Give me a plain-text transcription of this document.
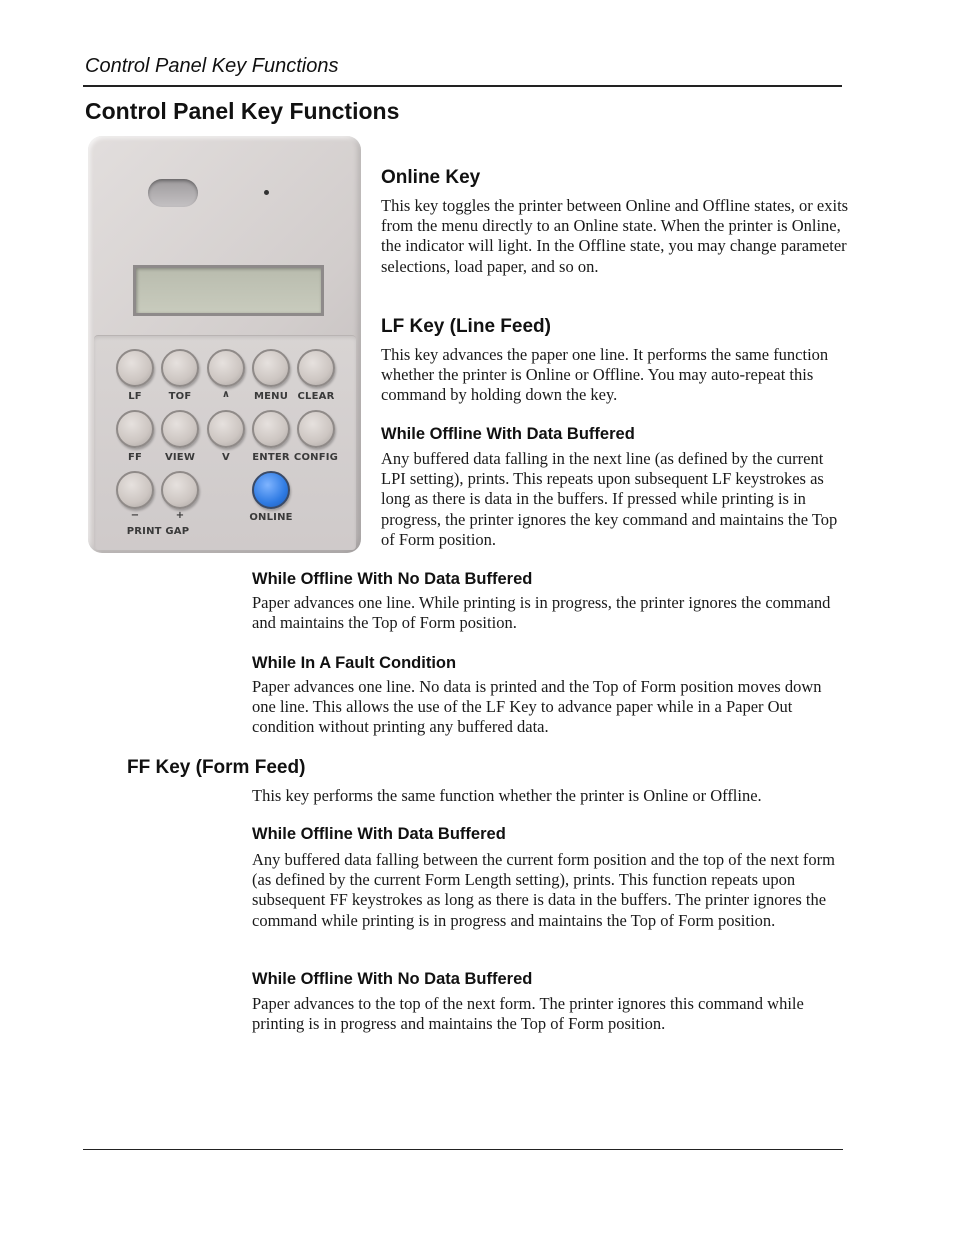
Control Panel Key Functions
Control Panel Key Functions
LF	TOF	∧	MENU CLEAR
FF	VIEW	V	ENTER CONFIG
−	+	ONLINE
PRINT GAP
Online Key

This key toggles the printer between Online and Offline states, or exits from the menu directly to an Online state. When the printer is Online, the indicator will light. In the Offline state, you may change parameter selections, load paper, and so on.

LF Key (Line Feed)

This key advances the paper one line. It performs the same function whether the printer is Online or Offline. You may auto-repeat this command by holding down the key.

While Offline With Data Buffered

Any buffered data falling in the next line (as defined by the current LPI setting), prints. This repeats upon subsequent LF keystrokes as long as there is data in the buffers. If pressed while printing is in progress, the printer ignores the key command and maintains the Top of Form position.

While Offline With No Data Buffered

Paper advances one line. While printing is in progress, the printer ignores the command and maintains the Top of Form position.

While In A Fault Condition

Paper advances one line. No data is printed and the Top of Form position moves down one line. This allows the use of the LF Key to advance paper while in a Paper Out condition without printing any buffered data.

FF Key (Form Feed)

This key performs the same function whether the printer is Online or Offline.

While Offline With Data Buffered

Any buffered data falling between the current form position and the top of the next form (as defined by the current Form Length setting), prints. This function repeats upon subsequent FF keystrokes as long as there is data in the buffers. The printer ignores the command while printing is in progress and maintains the Top of Form position.

While Offline With No Data Buffered

Paper advances to the top of the next form. The printer ignores this command while printing is in progress and maintains the Top of Form position.
